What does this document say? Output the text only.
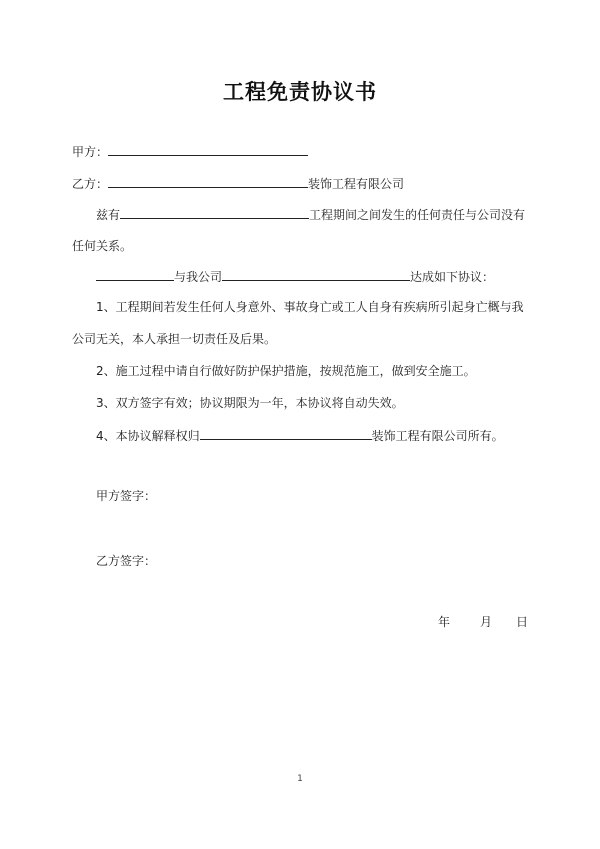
工程免责协议书
甲方：
乙方：	装饰工程有限公司
兹有	工程期间之间发生的任何责任与公司没有
任何关系。
与我公司	达成如下协议：
1、工程期间若发生任何人身意外、事故身亡或工人自身有疾病所引起身亡概与我
公司无关，本人承担一切责任及后果。
2、施工过程中请自行做好防护保护措施，按规范施工，做到安全施工。
3、双方签字有效；协议期限为一年，本协议将自动失效。
4、本协议解释权归	装饰工程有限公司所有。
甲方签字：
乙方签字：
年 月 日
1
